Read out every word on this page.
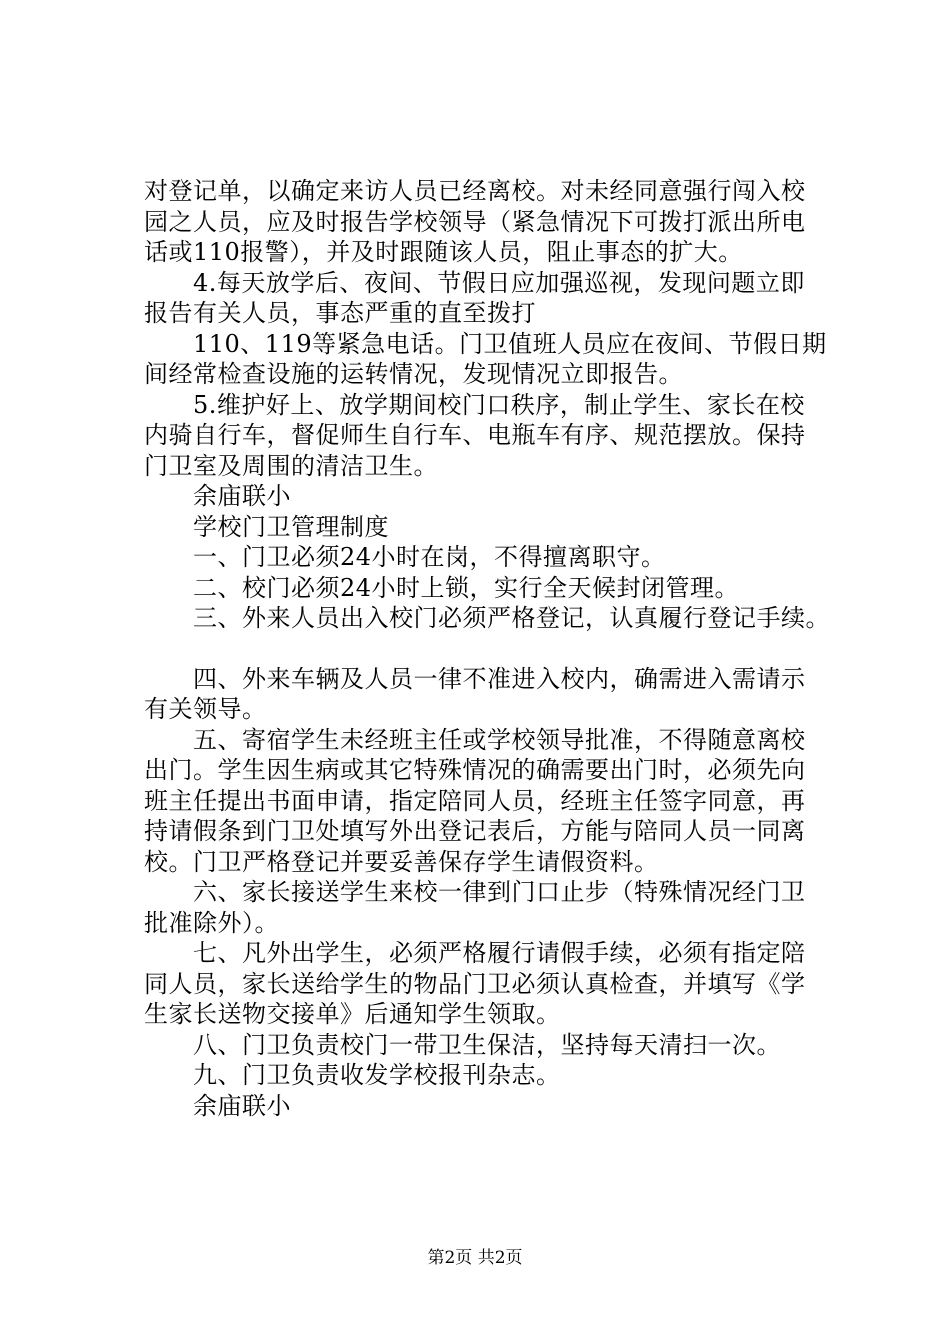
对登记单，以确定来访人员已经离校。对未经同意强行闯入校

园之人员，应及时报告学校领导（紧急情况下可拨打派出所电

话或110报警），并及时跟随该人员，阻止事态的扩大。

　　4.每天放学后、夜间、节假日应加强巡视，发现问题立即

报告有关人员，事态严重的直至拨打

　　110、119等紧急电话。门卫值班人员应在夜间、节假日期

间经常检查设施的运转情况，发现情况立即报告。

　　5.维护好上、放学期间校门口秩序，制止学生、家长在校

内骑自行车，督促师生自行车、电瓶车有序、规范摆放。保持

门卫室及周围的清洁卫生。

　　余庙联小

　　学校门卫管理制度

　　一、门卫必须24小时在岗，不得擅离职守。

　　二、校门必须24小时上锁，实行全天候封闭管理。

　　三、外来人员出入校门必须严格登记，认真履行登记手续。

　　四、外来车辆及人员一律不准进入校内，确需进入需请示

有关领导。

　　五、寄宿学生未经班主任或学校领导批准，不得随意离校

出门。学生因生病或其它特殊情况的确需要出门时，必须先向

班主任提出书面申请，指定陪同人员，经班主任签字同意，再

持请假条到门卫处填写外出登记表后，方能与陪同人员一同离

校。门卫严格登记并要妥善保存学生请假资料。

　　六、家长接送学生来校一律到门口止步（特殊情况经门卫

批准除外）。

　　七、凡外出学生，必须严格履行请假手续，必须有指定陪

同人员，家长送给学生的物品门卫必须认真检查，并填写《学

生家长送物交接单》后通知学生领取。

　　八、门卫负责校门一带卫生保洁，坚持每天清扫一次。

　　九、门卫负责收发学校报刊杂志。

　　余庙联小

第2页 共2页
